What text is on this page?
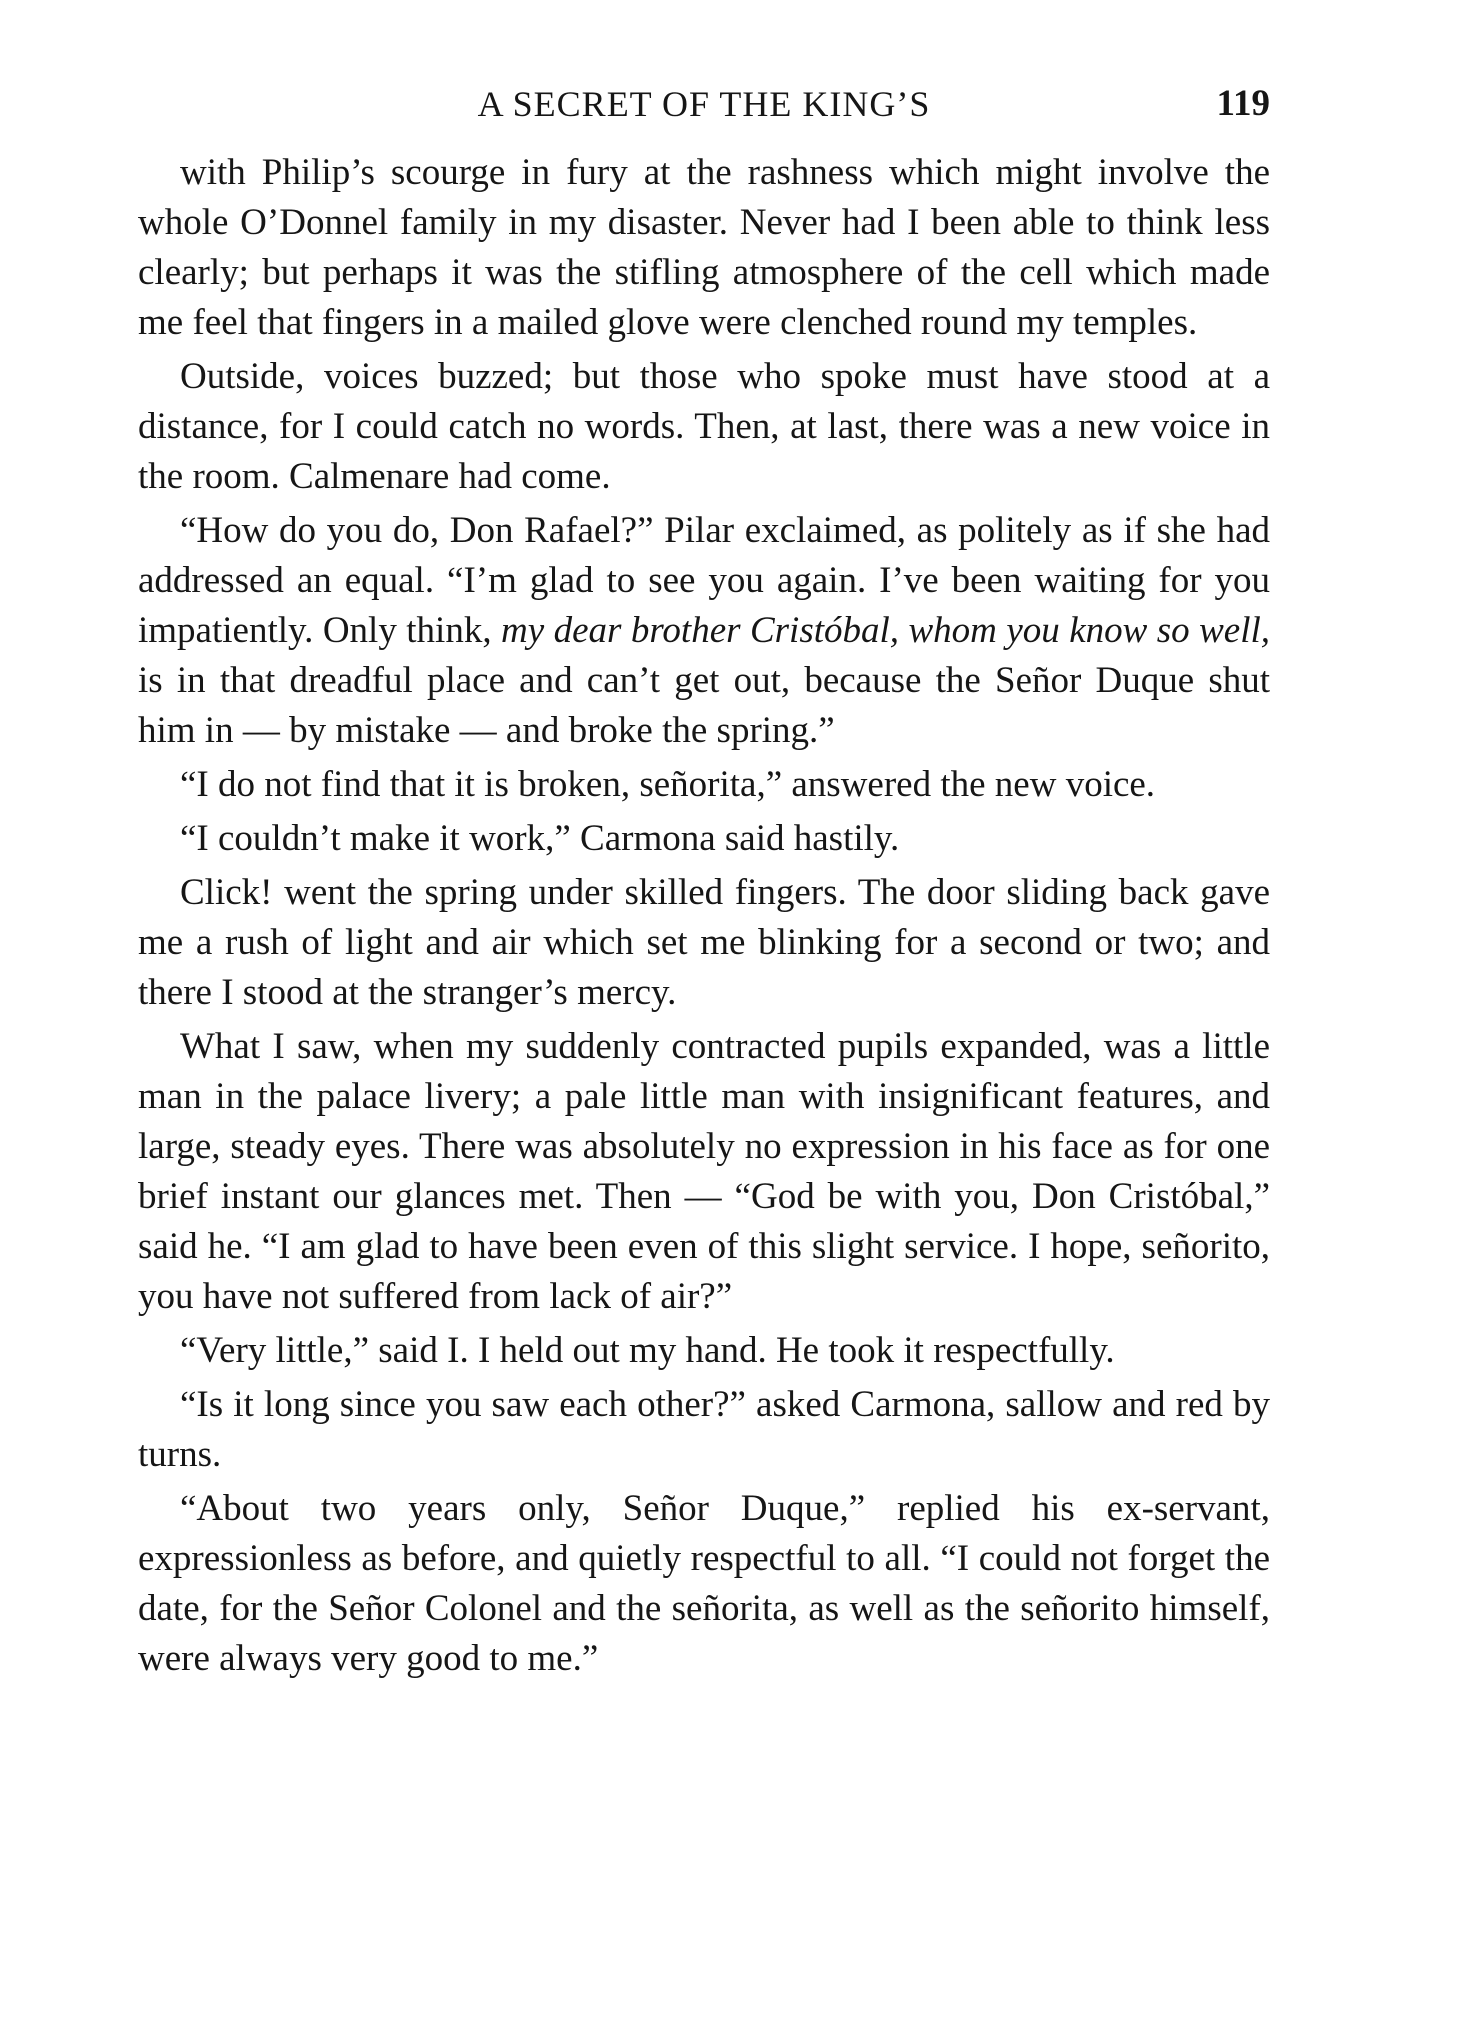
A SECRET OF THE KING’S	119

with Philip’s scourge in fury at the rashness which might involve the whole O’Donnel family in my disaster. Never had I been able to think less clearly; but perhaps it was the stifling atmosphere of the cell which made me feel that fingers in a mailed glove were clenched round my temples.

Outside, voices buzzed; but those who spoke must have stood at a distance, for I could catch no words. Then, at last, there was a new voice in the room. Calmenare had come.

“How do you do, Don Rafael?” Pilar exclaimed, as politely as if she had addressed an equal. “I’m glad to see you again. I’ve been waiting for you impatiently. Only think, my dear brother Cristóbal, whom you know so well, is in that dreadful place and can’t get out, because the Señor Duque shut him in — by mistake — and broke the spring.”

“I do not find that it is broken, señorita,” answered the new voice.

“I couldn’t make it work,” Carmona said hastily.

Click! went the spring under skilled fingers. The door sliding back gave me a rush of light and air which set me blinking for a second or two; and there I stood at the stranger’s mercy.

What I saw, when my suddenly contracted pupils expanded, was a little man in the palace livery; a pale little man with insignificant features, and large, steady eyes. There was absolutely no expression in his face as for one brief instant our glances met. Then — “God be with you, Don Cristóbal,” said he. “I am glad to have been even of this slight service. I hope, señorito, you have not suffered from lack of air?”

“Very little,” said I. I held out my hand. He took it respectfully.

“Is it long since you saw each other?” asked Carmona, sallow and red by turns.

“About two years only, Señor Duque,” replied his ex-servant, expressionless as before, and quietly respectful to all. “I could not forget the date, for the Señor Colonel and the señorita, as well as the señorito himself, were always very good to me.”
